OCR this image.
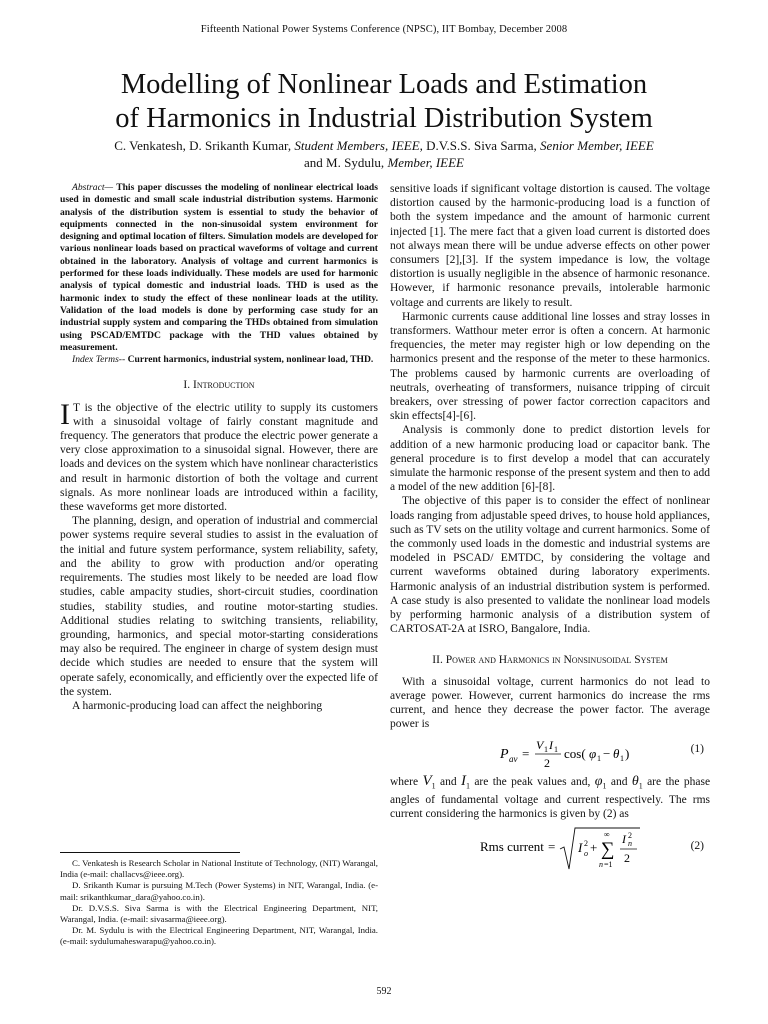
Fifteenth National Power Systems Conference (NPSC), IIT Bombay, December 2008
Modelling of Nonlinear Loads and Estimation
of Harmonics in Industrial Distribution System
C. Venkatesh, D. Srikanth Kumar, Student Members, IEEE, D.V.S.S. Siva Sarma, Senior Member, IEEE
and M. Sydulu, Member, IEEE

Abstract— This paper discusses the modeling of nonlinear electrical loads used in domestic and small scale industrial distribution systems. Harmonic analysis of the distribution system is essential to study the behavior of equipments connected in the non-sinusoidal system environment for designing and optimal location of filters. Simulation models are developed for various nonlinear loads based on practical waveforms of voltage and current obtained in the laboratory. Analysis of voltage and current harmonics is performed for these loads individually. These models are used for harmonic analysis of typical domestic and industrial loads. THD is used as the harmonic index to study the effect of these nonlinear loads at the utility. Validation of the load models is done by performing case study for an industrial supply system and comparing the THDs obtained from simulation using PSCAD/EMTDC package with the THD values obtained by measurement.

Index Terms-- Current harmonics, industrial system, nonlinear load, THD.

I. Introduction

I T is the objective of the electric utility to supply its customers with a sinusoidal voltage of fairly constant magnitude and frequency. The generators that produce the electric power generate a very close approximation to a sinusoidal signal. However, there are loads and devices on the system which have nonlinear characteristics and result in harmonic distortion of both the voltage and current signals. As more nonlinear loads are introduced within a facility, these waveforms get more distorted.

The planning, design, and operation of industrial and commercial power systems require several studies to assist in the evaluation of the initial and future system performance, system reliability, safety, and the ability to grow with production and/or operating requirements. The studies most likely to be needed are load flow studies, cable ampacity studies, short-circuit studies, coordination studies, stability studies, and routine motor-starting studies. Additional studies relating to switching transients, reliability, grounding, harmonics, and special motor-starting considerations may also be required. The engineer in charge of system design must decide which studies are needed to ensure that the system will operate safely, economically, and efficiently over the expected life of the system.

A harmonic-producing load can affect the neighboring

C. Venkatesh is Research Scholar in National Institute of Technology, (NIT) Warangal, India (e-mail: challacvs@ieee.org).

D. Srikanth Kumar is pursuing M.Tech (Power Systems) in NIT, Warangal, India. (e-mail: srikanthkumar_dara@yahoo.co.in).

Dr. D.V.S.S. Siva Sarma is with the Electrical Engineering Department, NIT, Warangal, India. (e-mail: sivasarma@ieee.org).

Dr. M. Sydulu is with the Electrical Engineering Department, NIT, Warangal, India. (e-mail: sydulumaheswarapu@yahoo.co.in).

sensitive loads if significant voltage distortion is caused. The voltage distortion caused by the harmonic-producing load is a function of both the system impedance and the amount of harmonic current injected [1]. The mere fact that a given load current is distorted does not always mean there will be undue adverse effects on other power consumers [2],[3]. If the system impedance is low, the voltage distortion is usually negligible in the absence of harmonic resonance. However, if harmonic resonance prevails, intolerable harmonic voltage and currents are likely to result.

Harmonic currents cause additional line losses and stray losses in transformers. Watthour meter error is often a concern. At harmonic frequencies, the meter may register high or low depending on the harmonics present and the response of the meter to these harmonics. The problems caused by harmonic currents are overloading of neutrals, overheating of transformers, nuisance tripping of circuit breakers, over stressing of power factor correction capacitors and skin effects[4]-[6].

Analysis is commonly done to predict distortion levels for addition of a new harmonic producing load or capacitor bank. The general procedure is to first develop a model that can accurately simulate the harmonic response of the present system and then to add a model of the new addition [6]-[8].

The objective of this paper is to consider the effect of nonlinear loads ranging from adjustable speed drives, to house hold appliances, such as TV sets on the utility voltage and current harmonics. Some of the commonly used loads in the domestic and industrial systems are modeled in PSCAD/ EMTDC, by considering the voltage and current waveforms obtained during laboratory experiments. Harmonic analysis of an industrial distribution system is performed. A case study is also presented to validate the nonlinear load models by performing harmonic analysis of a distribution system of CARTOSAT-2A at ISRO, Bangalore, India.

II. Power and Harmonics in Nonsinusoidal System

With a sinusoidal voltage, current harmonics do not lead to average power. However, current harmonics do increase the rms current, and hence they decrease the power factor. The average power is

P av =
V 1 I 1
2
cos( φ 1 − θ 1 )	(1)

where $V_1$ and $I_1$ are the peak values and, $\varphi_1$ and $\theta_1$ are the phase angles of fundamental voltage and current respectively. The rms current considering the harmonics is given by (2) as

Rms current = I 2
o + ∑
∞
n =1
I 2
n
2
(2)
592
